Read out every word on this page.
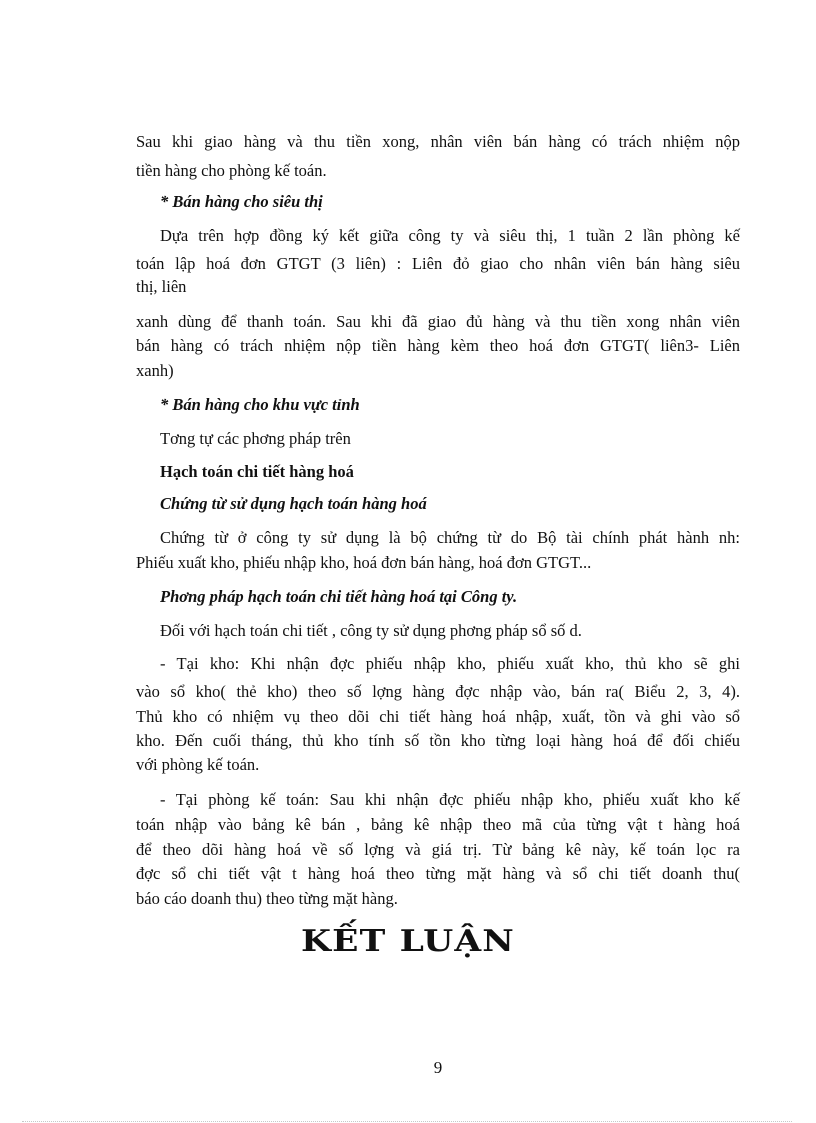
Sau khi giao hàng và thu tiền xong, nhân viên bán hàng có trách nhiệm nộp
tiền hàng cho phòng kế toán.
* Bán hàng cho siêu thị
Dựa trên hợp đồng ký kết giữa công ty và siêu thị, 1 tuần 2 lần phòng kế
toán lập hoá đơn GTGT (3 liên) : Liên đỏ giao cho nhân viên bán hàng siêu
thị, liên
xanh dùng để thanh toán. Sau khi đã giao đủ hàng và thu tiền xong nhân viên
bán hàng có trách nhiệm nộp tiền hàng kèm theo hoá đơn GTGT( liên3- Liên
xanh)
* Bán hàng cho khu vực tỉnh
Tơng tự các phơng pháp trên
Hạch toán chi tiết hàng hoá
Chứng từ sử dụng hạch toán hàng hoá
Chứng từ ở công ty sử dụng là bộ chứng từ do Bộ tài chính phát hành nh:
Phiếu xuất kho, phiếu nhập kho, hoá đơn bán hàng, hoá đơn GTGT...
Phơng pháp hạch toán chi tiết hàng hoá tại Công ty.
Đối với hạch toán chi tiết , công ty sử dụng phơng pháp sổ số d.
- Tại kho: Khi nhận đợc phiếu nhập kho, phiếu xuất kho, thủ kho sẽ ghi
vào sổ kho( thẻ kho) theo số lợng hàng đợc nhập vào, bán ra( Biểu 2, 3, 4).
Thủ kho có nhiệm vụ theo dõi chi tiết hàng hoá nhập, xuất, tồn và ghi vào sổ
kho. Đến cuối tháng, thủ kho tính số tồn kho từng loại hàng hoá để đối chiếu
với phòng kế toán.
- Tại phòng kế toán: Sau khi nhận đợc phiếu nhập kho, phiếu xuất kho kế
toán nhập vào bảng kê bán , bảng kê nhập theo mã của từng vật t hàng hoá
để theo dõi hàng hoá về số lợng và giá trị. Từ bảng kê này, kế toán lọc ra
đợc sổ chi tiết vật t hàng hoá theo từng mặt hàng và sổ chi tiết doanh thu(
báo cáo doanh thu) theo từng mặt hàng.
KẾT LUẬN
9
